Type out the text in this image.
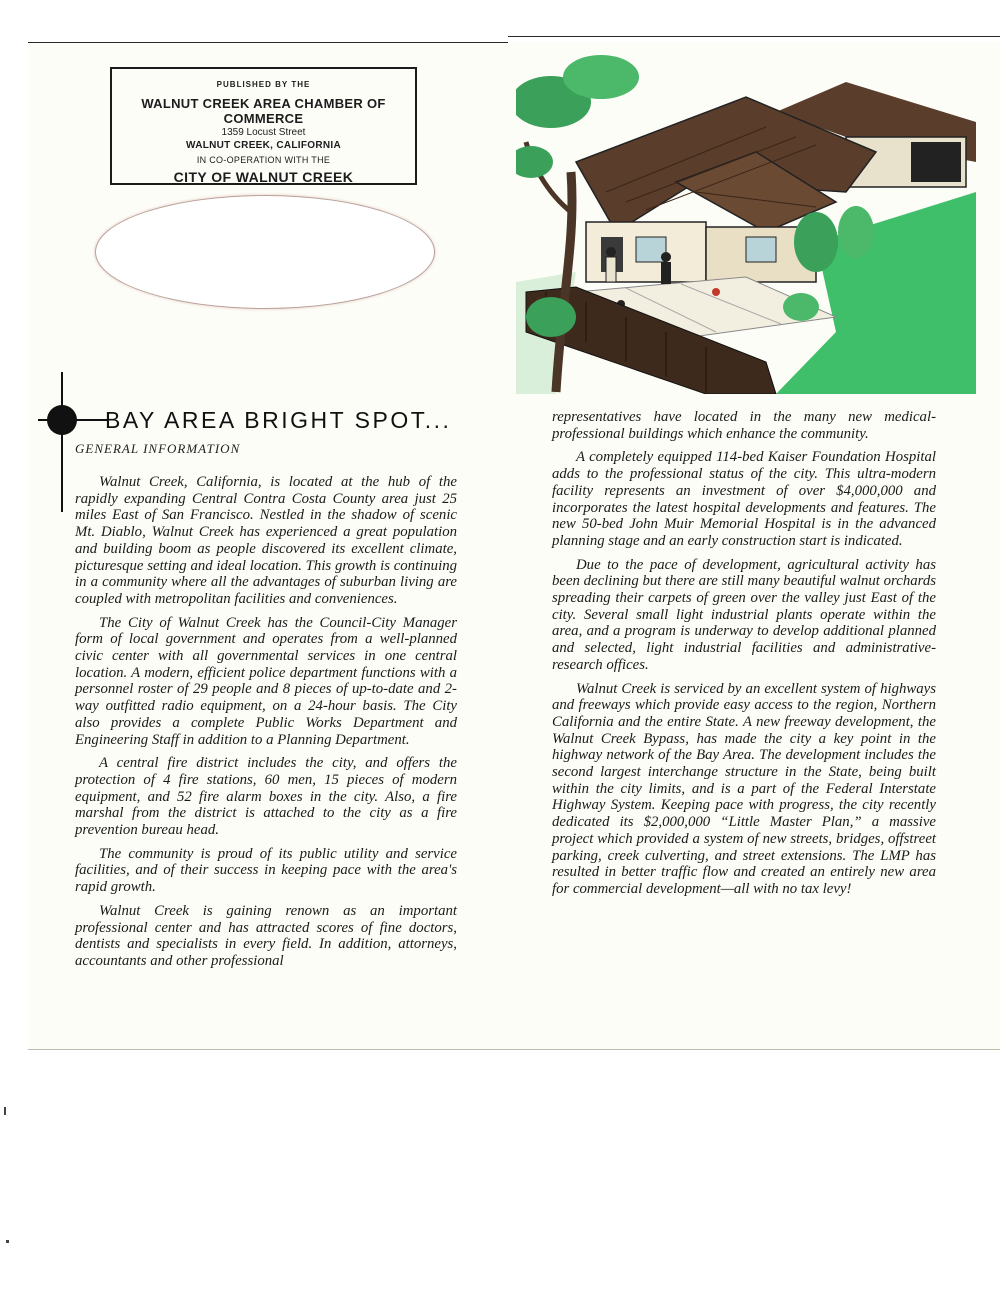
PUBLISHED BY THE
WALNUT CREEK AREA CHAMBER OF COMMERCE
1359 Locust Street
WALNUT CREEK, CALIFORNIA
IN CO-OPERATION WITH THE
CITY OF WALNUT CREEK
BAY AREA BRIGHT SPOT...
GENERAL INFORMATION

Walnut Creek, California, is located at the hub of the rapidly expanding Central Contra Costa County area just 25 miles East of San Francisco. Nestled in the shadow of scenic Mt. Diablo, Walnut Creek has experienced a great population and building boom as people discovered its excellent climate, picturesque setting and ideal location. This growth is continuing in a community where all the advantages of suburban living are coupled with metropolitan facilities and conveniences.

The City of Walnut Creek has the Council-City Manager form of local government and operates from a well-planned civic center with all governmental services in one central location. A modern, efficient police department functions with a personnel roster of 29 people and 8 pieces of up-to-date and 2-way outfitted radio equipment, on a 24-hour basis. The City also provides a complete Public Works Department and Engineering Staff in addition to a Planning Department.

A central fire district includes the city, and offers the protection of 4 fire stations, 60 men, 15 pieces of modern equipment, and 52 fire alarm boxes in the city. Also, a fire marshal from the district is attached to the city as a fire prevention bureau head.

The community is proud of its public utility and service facilities, and of their success in keeping pace with the area's rapid growth.

Walnut Creek is gaining renown as an important professional center and has attracted scores of fine doctors, dentists and specialists in every field. In addition, attorneys, accountants and other professional

representatives have located in the many new medical-professional buildings which enhance the community.

A completely equipped 114-bed Kaiser Foundation Hospital adds to the professional status of the city. This ultra-modern facility represents an investment of over $4,000,000 and incorporates the latest hospital developments and features. The new 50-bed John Muir Memorial Hospital is in the advanced planning stage and an early construction start is indicated.

Due to the pace of development, agricultural activity has been declining but there are still many beautiful walnut orchards spreading their carpets of green over the valley just East of the city. Several small light industrial plants operate within the area, and a program is underway to develop additional planned and selected, light industrial facilities and administrative-research offices.

Walnut Creek is serviced by an excellent system of highways and freeways which provide easy access to the region, Northern California and the entire State. A new freeway development, the Walnut Creek Bypass, has made the city a key point in the highway network of the Bay Area. The development includes the second largest interchange structure in the State, being built within the city limits, and is a part of the Federal Interstate Highway System. Keeping pace with progress, the city recently dedicated its $2,000,000 “Little Master Plan,” a massive project which provided a system of new streets, bridges, offstreet parking, creek culverting, and street extensions. The LMP has resulted in better traffic flow and created an entirely new area for commercial development—all with no tax levy!
